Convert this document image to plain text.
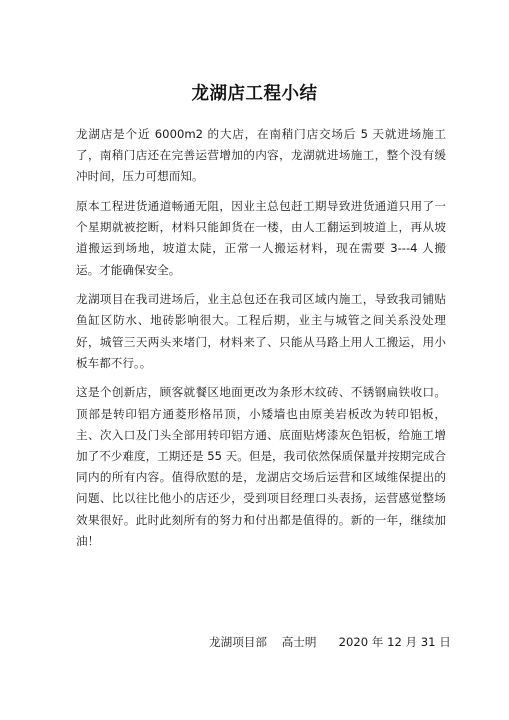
龙湖店工程小结

龙湖店是个近 6000m2 的大店，在南稍门店交场后 5 天就进场施工了，南稍门店还在完善运营增加的内容，龙湖就进场施工，整个没有缓冲时间，压力可想而知。

原本工程进货通道畅通无阻，因业主总包赶工期导致进货通道只用了一个星期就被挖断，材料只能卸货在一楼，由人工翻运到坡道上，再从坡道搬运到场地，坡道太陡，正常一人搬运材料，现在需要 3---4 人搬运。才能确保安全。

龙湖项目在我司进场后，业主总包还在我司区域内施工，导致我司铺贴鱼缸区防水、地砖影响很大。工程后期，业主与城管之间关系没处理好，城管三天两头来堵门，材料来了、只能从马路上用人工搬运，用小板车都不行。。

这是个创新店，顾客就餐区地面更改为条形木纹砖、不锈钢扁铁收口。顶部是转印铝方通菱形格吊顶，小矮墙也由原美岩板改为转印铝板，主、次入口及门头全部用转印铝方通、底面贴烤漆灰色铝板，给施工增加了不少难度，工期还是 55 天。但是，我司依然保质保量并按期完成合同内的所有内容。值得欣慰的是，龙湖店交场后运营和区域维保提出的问题、比以往比他小的店还少，受到项目经理口头表扬，运营感觉整场效果很好。此时此刻所有的努力和付出都是值得的。新的一年，继续加油！

龙湖项目部    高士明      2020 年 12 月 31 日
